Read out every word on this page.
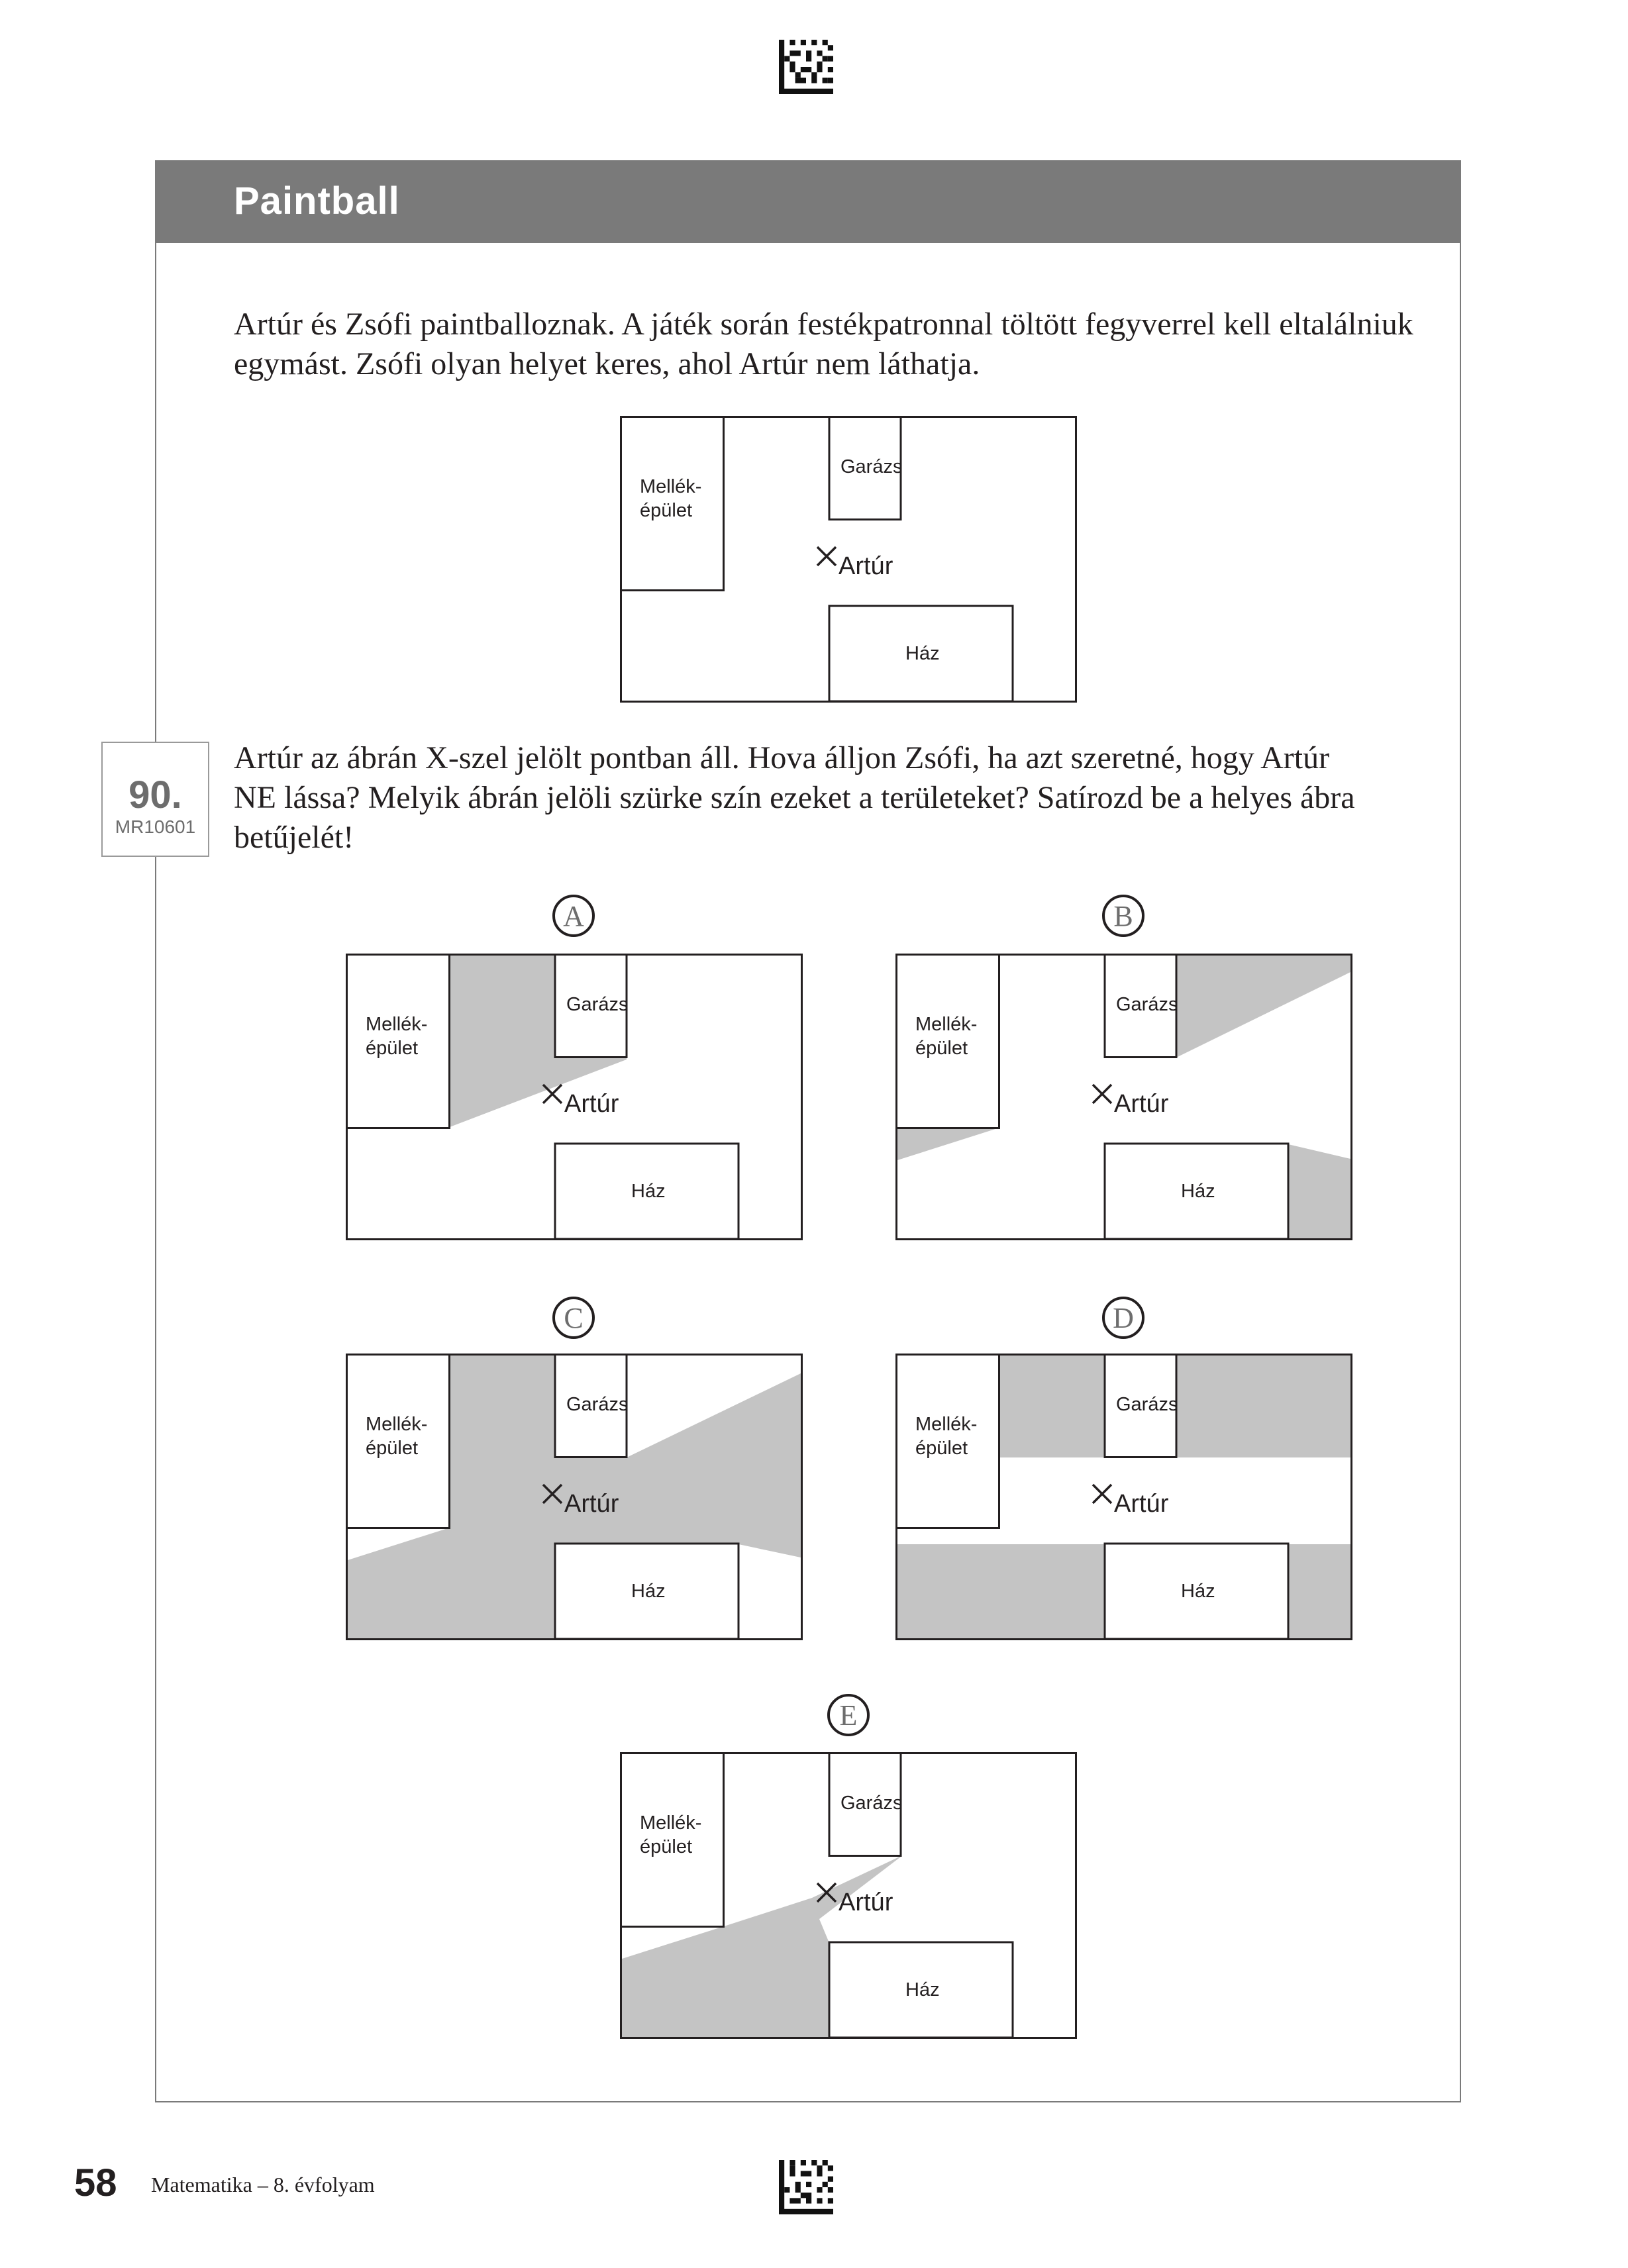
Paintball
Artúr és Zsófi paintballoznak. A játék során festékpatronnal töltött fegyverrel kell eltalálniuk
egymást. Zsófi olyan helyet keres, ahol Artúr nem láthatja.
90.
MR10601
Artúr az ábrán X-szel jelölt pontban áll. Hova álljon Zsófi, ha azt szeretné, hogy Artúr
NE lássa? Melyik ábrán jelöli szürke szín ezeket a területeket? Satírozd be a helyes ábra
betűjelét!
Mellék-
épület
Garázs
Ház
Artúr
A
Mellék-
épület
Garázs
Ház
Artúr
B
Mellék-
épület
Garázs
Ház
Artúr
C
Mellék-
épület
Garázs
Ház
Artúr
D
Mellék-
épület
Garázs
Ház
Artúr
E
Mellék-
épület
Garázs
Ház
Artúr
58 Matematika – 8. évfolyam
